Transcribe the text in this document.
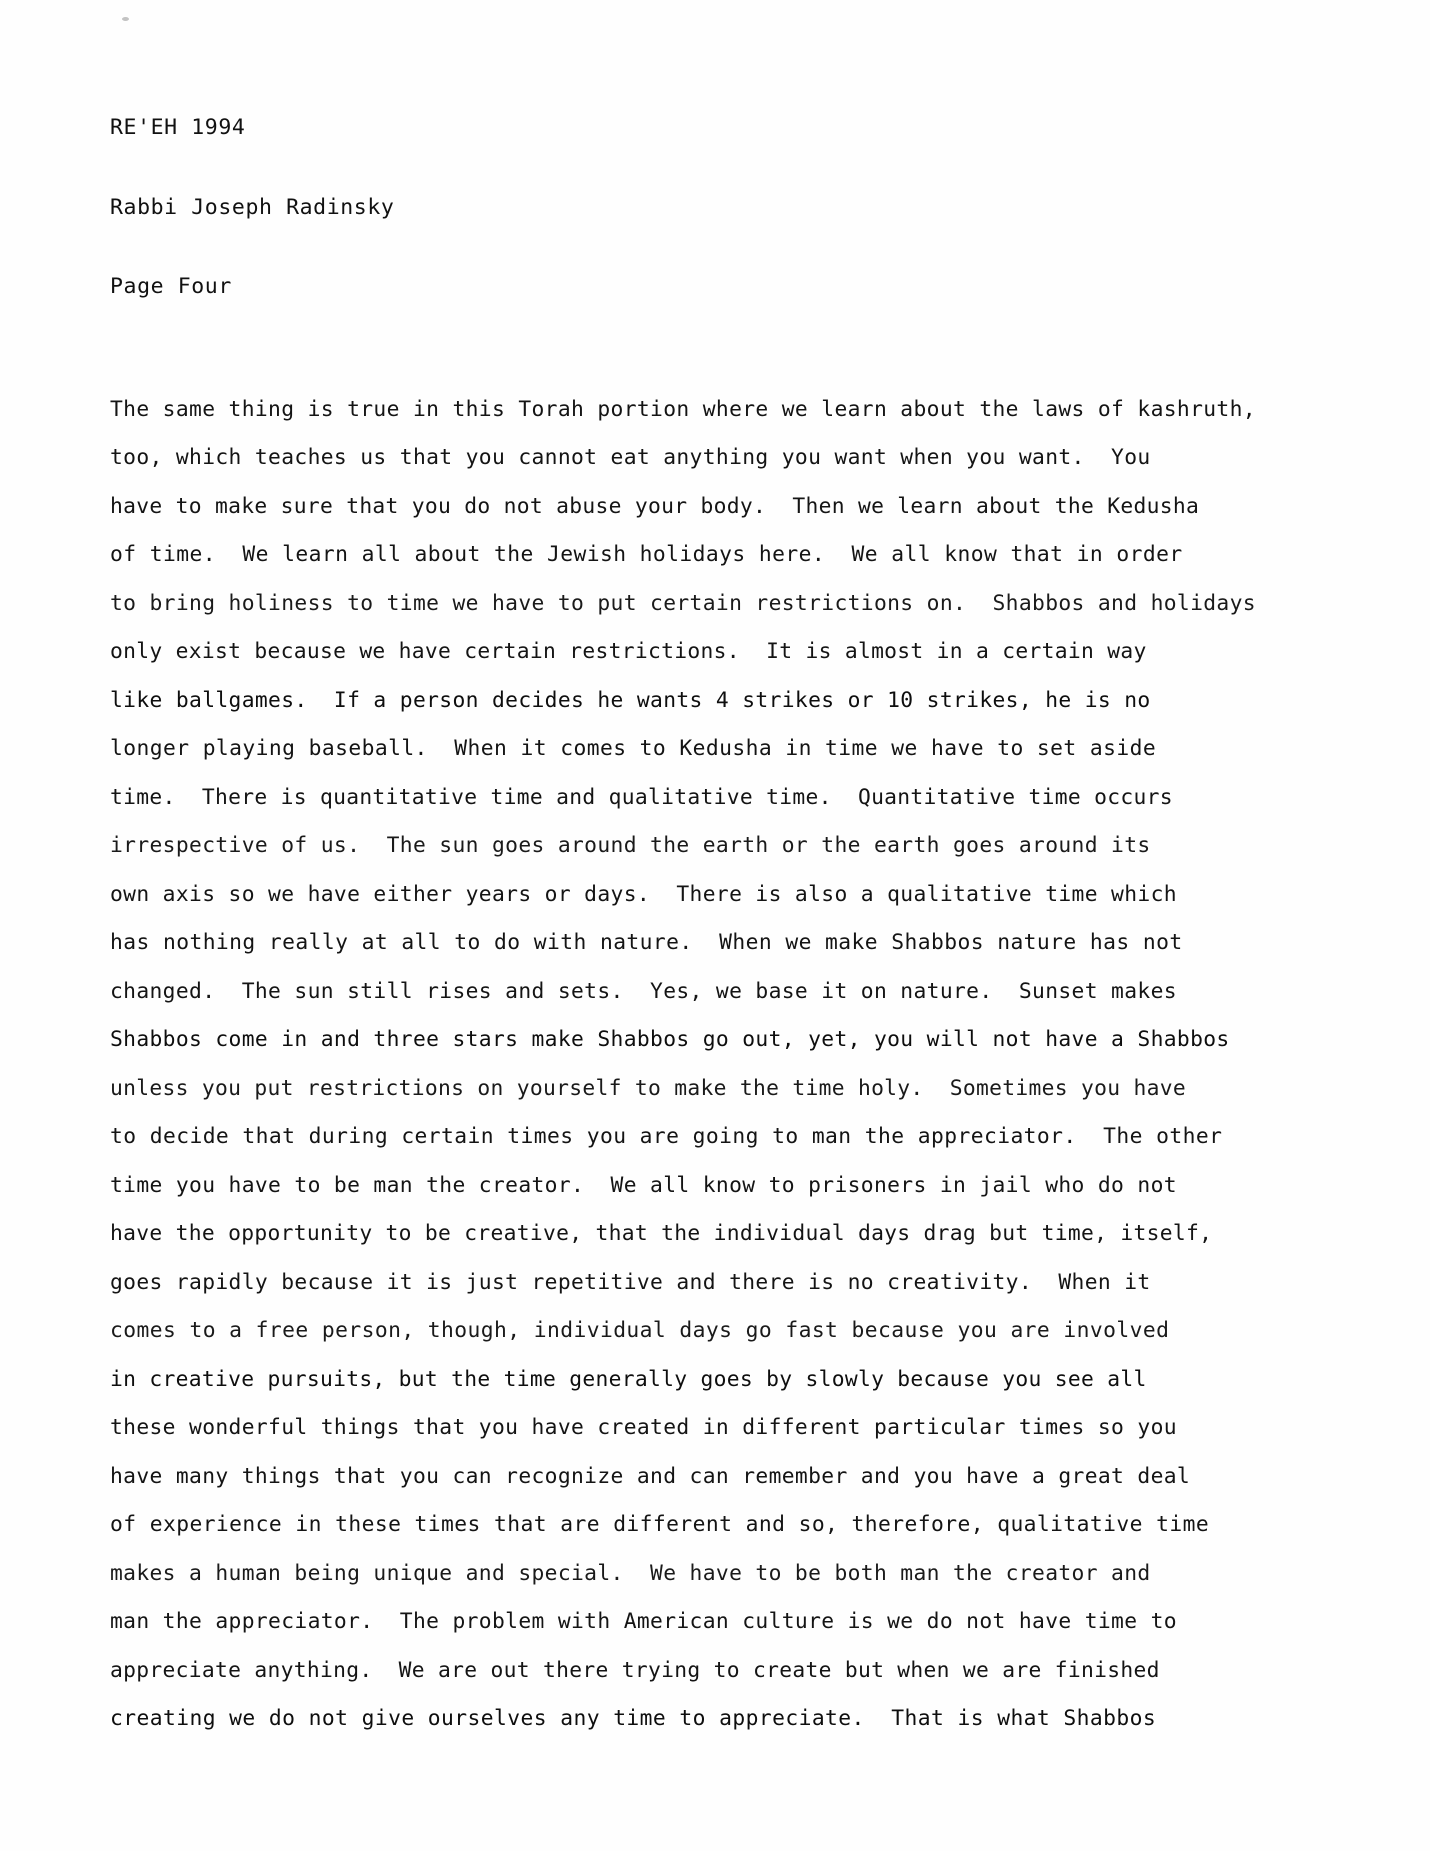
RE'EH 1994

Rabbi Joseph Radinsky

Page Four

The same thing is true in this Torah portion where we learn about the laws of kashruth,
too, which teaches us that you cannot eat anything you want when you want.  You
have to make sure that you do not abuse your body.  Then we learn about the Kedusha
of time.  We learn all about the Jewish holidays here.  We all know that in order
to bring holiness to time we have to put certain restrictions on.  Shabbos and holidays
only exist because we have certain restrictions.  It is almost in a certain way
like ballgames.  If a person decides he wants 4 strikes or 10 strikes, he is no
longer playing baseball.  When it comes to Kedusha in time we have to set aside
time.  There is quantitative time and qualitative time.  Quantitative time occurs
irrespective of us.  The sun goes around the earth or the earth goes around its
own axis so we have either years or days.  There is also a qualitative time which
has nothing really at all to do with nature.  When we make Shabbos nature has not
changed.  The sun still rises and sets.  Yes, we base it on nature.  Sunset makes
Shabbos come in and three stars make Shabbos go out, yet, you will not have a Shabbos
unless you put restrictions on yourself to make the time holy.  Sometimes you have
to decide that during certain times you are going to man the appreciator.  The other
time you have to be man the creator.  We all know to prisoners in jail who do not
have the opportunity to be creative, that the individual days drag but time, itself,
goes rapidly because it is just repetitive and there is no creativity.  When it
comes to a free person, though, individual days go fast because you are involved
in creative pursuits, but the time generally goes by slowly because you see all
these wonderful things that you have created in different particular times so you
have many things that you can recognize and can remember and you have a great deal
of experience in these times that are different and so, therefore, qualitative time
makes a human being unique and special.  We have to be both man the creator and
man the appreciator.  The problem with American culture is we do not have time to
appreciate anything.  We are out there trying to create but when we are finished
creating we do not give ourselves any time to appreciate.  That is what Shabbos
